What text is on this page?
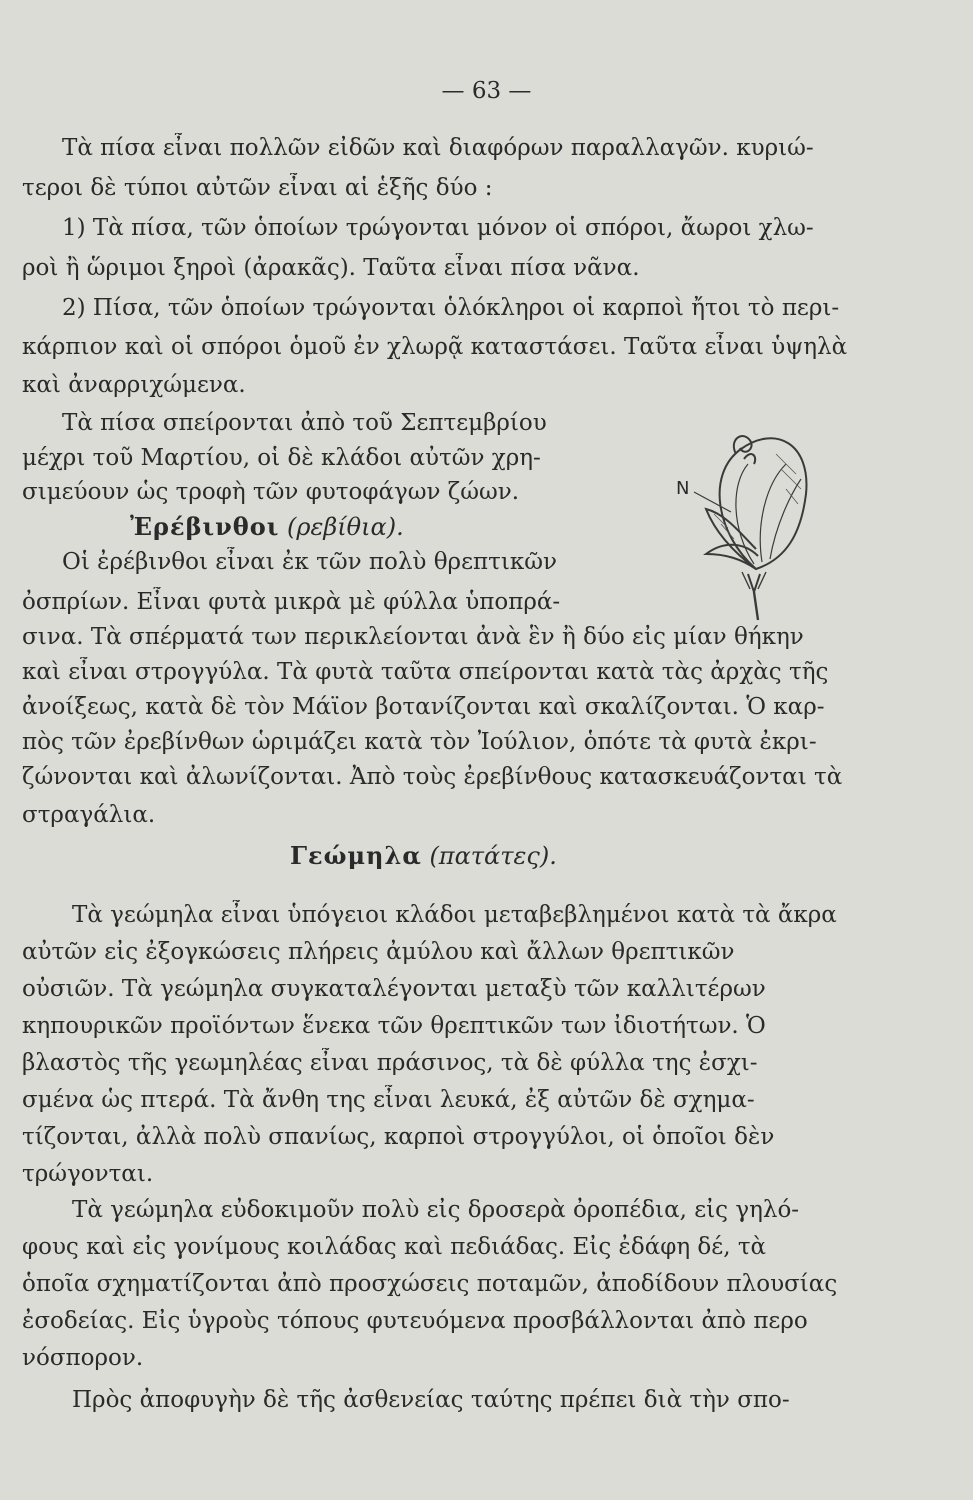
— 63 —
Τὰ πίσα εἶναι πολλῶν εἰδῶν καὶ διαφόρων παραλλαγῶν. κυριώ-
τεροι δὲ τύποι αὐτῶν εἶναι αἱ ἑξῆς δύο :
1) Τὰ πίσα, τῶν ὁποίων τρώγονται μόνον οἱ σπόροι, ἄωροι χλω-
ροὶ ἢ ὥριμοι ξηροὶ (ἀρακᾶς). Ταῦτα εἶναι πίσα νᾶνα.
2) Πίσα, τῶν ὁποίων τρώγονται ὁλόκληροι οἱ καρποὶ ἤτοι τὸ περι-
κάρπιον καὶ οἱ σπόροι ὁμοῦ ἐν χλωρᾷ καταστάσει. Ταῦτα εἶναι ὑψηλὰ
καὶ ἀναρριχώμενα.
Τὰ πίσα σπείρονται ἀπὸ τοῦ Σεπτεμβρίου
μέχρι τοῦ Μαρτίου, οἱ δὲ κλάδοι αὐτῶν χρη-
σιμεύουν ὡς τροφὴ τῶν φυτοφάγων ζώων.
Ἐρέβινθοι (ρεβίθια).
Οἱ ἐρέβινθοι εἶναι ἐκ τῶν πολὺ θρεπτικῶν
ὀσπρίων. Εἶναι φυτὰ μικρὰ μὲ φύλλα ὑποπρά-
σινα. Τὰ σπέρματά των περικλείονται ἀνὰ ἓν ἢ δύο εἰς μίαν θήκην
καὶ εἶναι στρογγύλα. Τὰ φυτὰ ταῦτα σπείρονται κατὰ τὰς ἀρχὰς τῆς
ἀνοίξεως, κατὰ δὲ τὸν Μάϊον βοτανίζονται καὶ σκαλίζονται. Ὁ καρ-
πὸς τῶν ἐρεβίνθων ὡριμάζει κατὰ τὸν Ἰούλιον, ὁπότε τὰ φυτὰ ἐκρι-
ζώνονται καὶ ἀλωνίζονται. Ἀπὸ τοὺς ἐρεβίνθους κατασκευάζονται τὰ
στραγάλια.
Γεώμηλα (πατάτες).
Τὰ γεώμηλα εἶναι ὑπόγειοι κλάδοι μεταβεβλημένοι κατὰ τὰ ἄκρα
αὐτῶν εἰς ἐξογκώσεις πλήρεις ἀμύλου καὶ ἄλλων θρεπτικῶν
οὐσιῶν. Τὰ γεώμηλα συγκαταλέγονται μεταξὺ τῶν καλλιτέρων
κηπουρικῶν προϊόντων ἕνεκα τῶν θρεπτικῶν των ἰδιοτήτων. Ὁ
βλαστὸς τῆς γεωμηλέας εἶναι πράσινος, τὰ δὲ φύλλα της ἐσχι-
σμένα ὡς πτερά. Τὰ ἄνθη της εἶναι λευκά, ἐξ αὐτῶν δὲ σχημα-
τίζονται, ἀλλὰ πολὺ σπανίως, καρποὶ στρογγύλοι, οἱ ὁποῖοι δὲν
τρώγονται.
Τὰ γεώμηλα εὐδοκιμοῦν πολὺ εἰς δροσερὰ ὀροπέδια, εἰς γηλό-
φους καὶ εἰς γονίμους κοιλάδας καὶ πεδιάδας. Εἰς ἐδάφη δέ, τὰ
ὁποῖα σχηματίζονται ἀπὸ προσχώσεις ποταμῶν, ἀποδίδουν πλουσίας
ἐσοδείας. Εἰς ὑγροὺς τόπους φυτευόμενα προσβάλλονται ἀπὸ περο
νόσπορον.
Πρὸς ἀποφυγὴν δὲ τῆς ἀσθενείας ταύτης πρέπει διὰ τὴν σπο-
N
